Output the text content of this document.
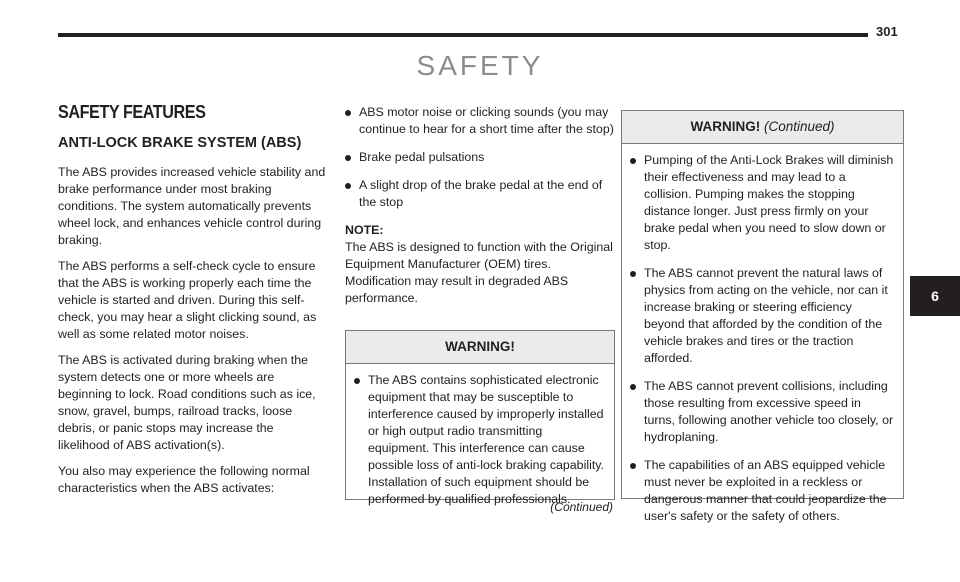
301
SAFETY
6
SAFETY FEATURES
ANTI-LOCK BRAKE SYSTEM (ABS)

The ABS provides increased vehicle stability and brake performance under most braking conditions. The system automatically prevents wheel lock, and enhances vehicle control during braking.

The ABS performs a self-check cycle to ensure that the ABS is working properly each time the vehicle is started and driven. During this self-check, you may hear a slight clicking sound, as well as some related motor noises.

The ABS is activated during braking when the system detects one or more wheels are beginning to lock. Road conditions such as ice, snow, gravel, bumps, railroad tracks, loose debris, or panic stops may increase the likelihood of ABS activation(s).

You also may experience the following normal characteristics when the ABS activates:

ABS motor noise or clicking sounds (you may continue to hear for a short time after the stop)
Brake pedal pulsations
A slight drop of the brake pedal at the end of the stop
NOTE:
The ABS is designed to function with the Original Equipment Manufacturer (OEM) tires. Modification may result in degraded ABS performance.
WARNING!
The ABS contains sophisticated electronic equipment that may be susceptible to interference caused by improperly installed or high output radio transmitting equipment. This interference can cause possible loss of anti-lock braking capability. Installation of such equipment should be performed by qualified professionals.
(Continued)
WARNING! (Continued)
Pumping of the Anti-Lock Brakes will diminish their effectiveness and may lead to a collision. Pumping makes the stopping distance longer. Just press firmly on your brake pedal when you need to slow down or stop.
The ABS cannot prevent the natural laws of physics from acting on the vehicle, nor can it increase braking or steering efficiency beyond that afforded by the condition of the vehicle brakes and tires or the traction afforded.
The ABS cannot prevent collisions, including those resulting from excessive speed in turns, following another vehicle too closely, or hydroplaning.
The capabilities of an ABS equipped vehicle must never be exploited in a reckless or dangerous manner that could jeopardize the user's safety or the safety of others.
